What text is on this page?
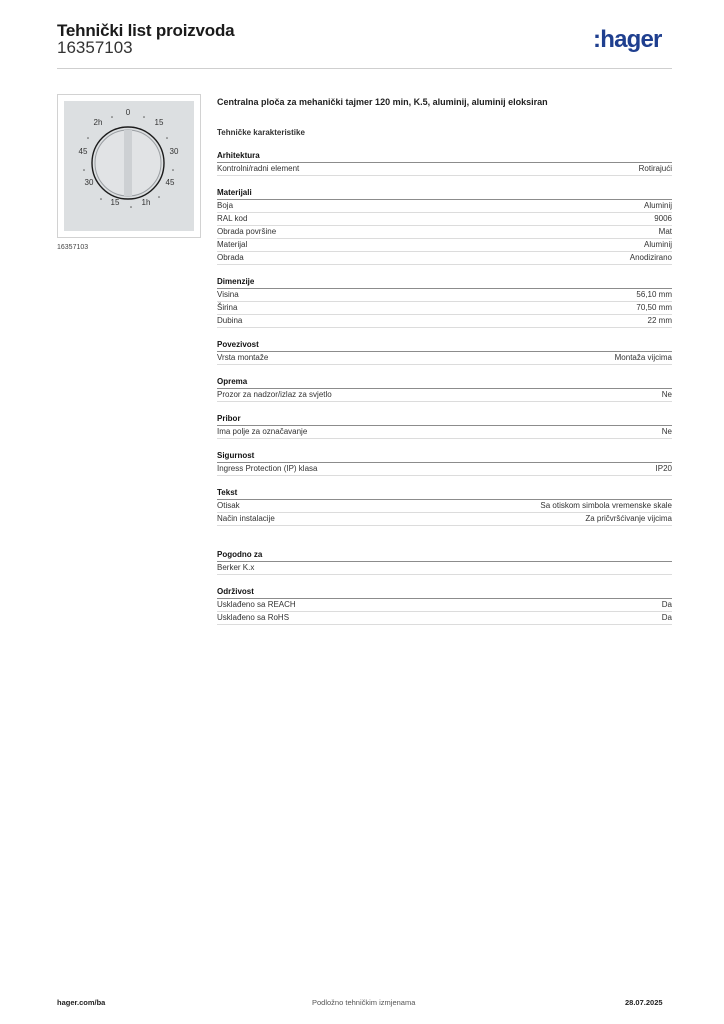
Tehnički list proizvoda
16357103	:hager
0
15
30
45
1h
15
30
45
2h
16357103
Centralna ploča za mehanički tajmer 120 min, K.5, aluminij, aluminij eloksiran
Tehničke karakteristike
Arhitektura
Kontrolni/radni element	Rotirajući
Materijali
Boja	Aluminij
RAL kod	9006
Obrada površine	Mat
Materijal	Aluminij
Obrada	Anodizirano
Dimenzije
Visina	56,10 mm
Širina	70,50 mm
Dubina	22 mm
Povezivost
Vrsta montaže	Montaža vijcima
Oprema
Prozor za nadzor/izlaz za svjetlo	Ne
Pribor
Ima polje za označavanje	Ne
Sigurnost
Ingress Protection (IP) klasa	IP20
Tekst
Otisak	Sa otiskom simbola vremenske skale
Način instalacije	Za pričvršćivanje vijcima
Pogodno za
Berker K.x
Održivost
Usklađeno sa REACH	Da
Usklađeno sa RoHS	Da
hager.com/ba	Podložno tehničkim izmjenama	28.07.2025
